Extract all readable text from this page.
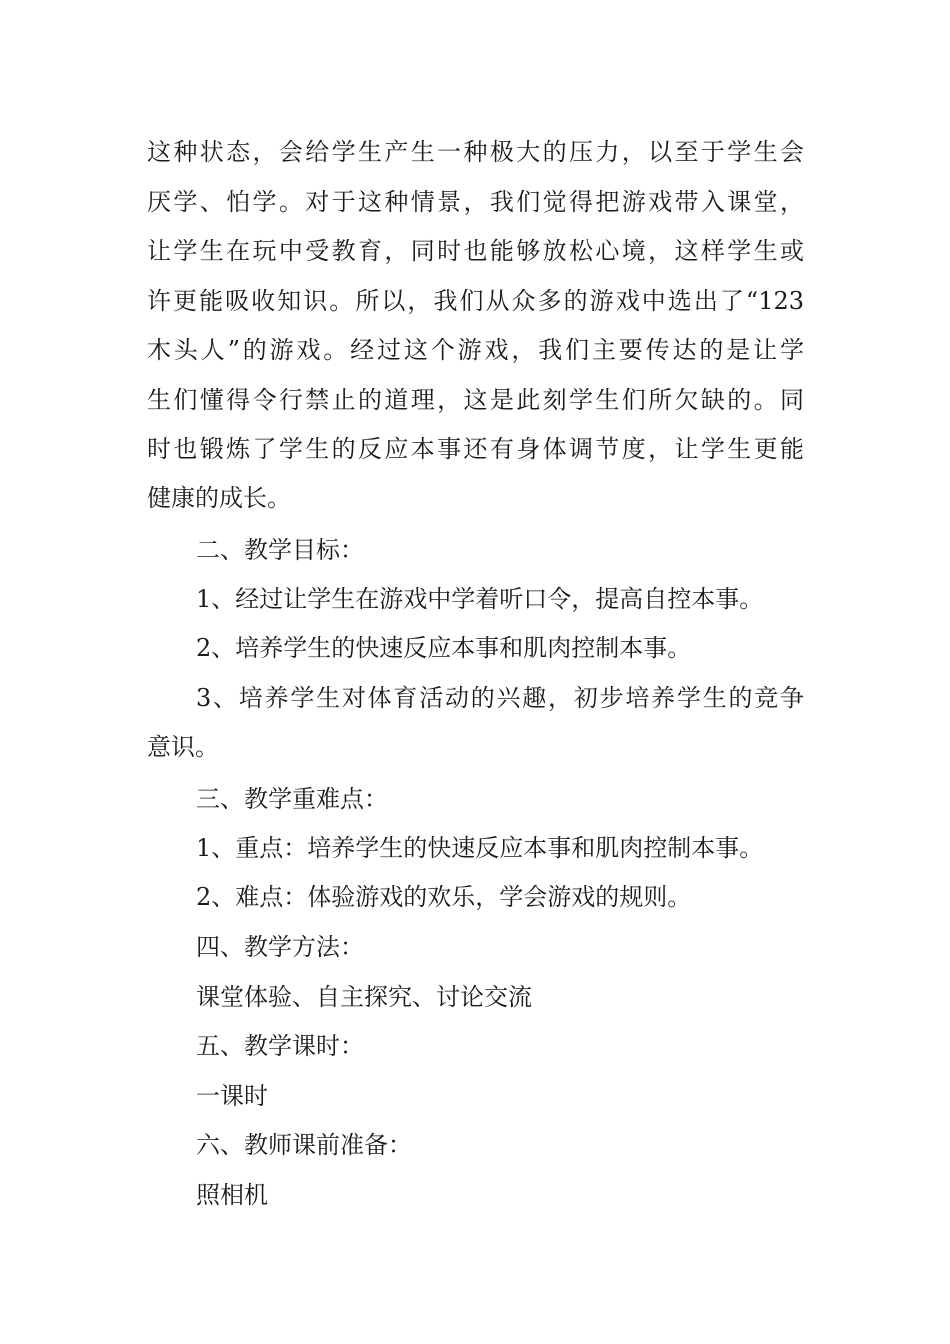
这种状态，会给学生产生一种极大的压力，以至于学生会
厌学、怕学。对于这种情景，我们觉得把游戏带入课堂，
让学生在玩中受教育，同时也能够放松心境，这样学生或
许更能吸收知识。所以，我们从众多的游戏中选出了“123
木头人”的游戏。经过这个游戏，我们主要传达的是让学
生们懂得令行禁止的道理，这是此刻学生们所欠缺的。同
时也锻炼了学生的反应本事还有身体调节度，让学生更能
健康的成长。
二、教学目标：
1、经过让学生在游戏中学着听口令，提高自控本事。
2、培养学生的快速反应本事和肌肉控制本事。
3、培养学生对体育活动的兴趣，初步培养学生的竞争
意识。
三、教学重难点：
1、重点：培养学生的快速反应本事和肌肉控制本事。
2、难点：体验游戏的欢乐，学会游戏的规则。
四、教学方法：
课堂体验、自主探究、讨论交流
五、教学课时：
一课时
六、教师课前准备：
照相机
